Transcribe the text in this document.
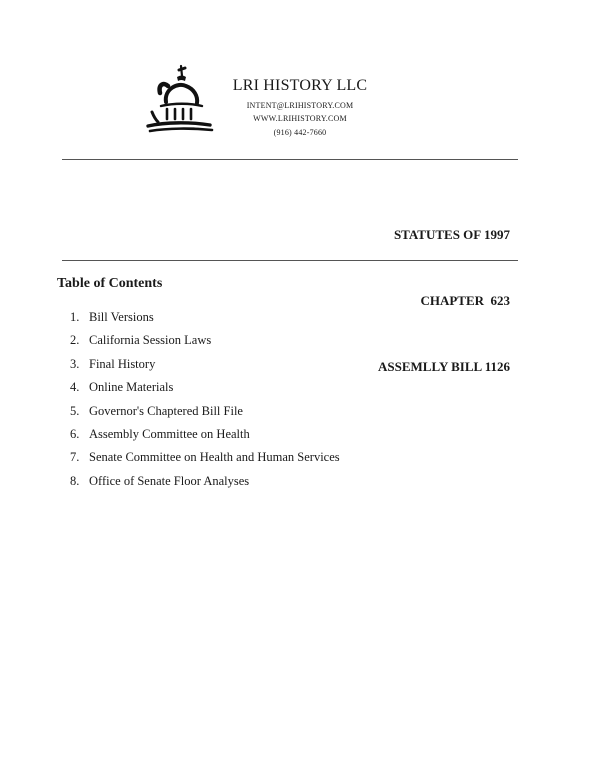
LRI HISTORY LLC
INTENT@LRIHISTORY.COM
WWW.LRIHISTORY.COM
(916) 442-7660

STATUTES OF 1997

CHAPTER  623

ASSEMLLY BILL 1126

Table of Contents
1. Bill Versions
2. California Session Laws
3. Final History
4. Online Materials
5. Governor's Chaptered Bill File
6. Assembly Committee on Health
7. Senate Committee on Health and Human Services
8. Office of Senate Floor Analyses
